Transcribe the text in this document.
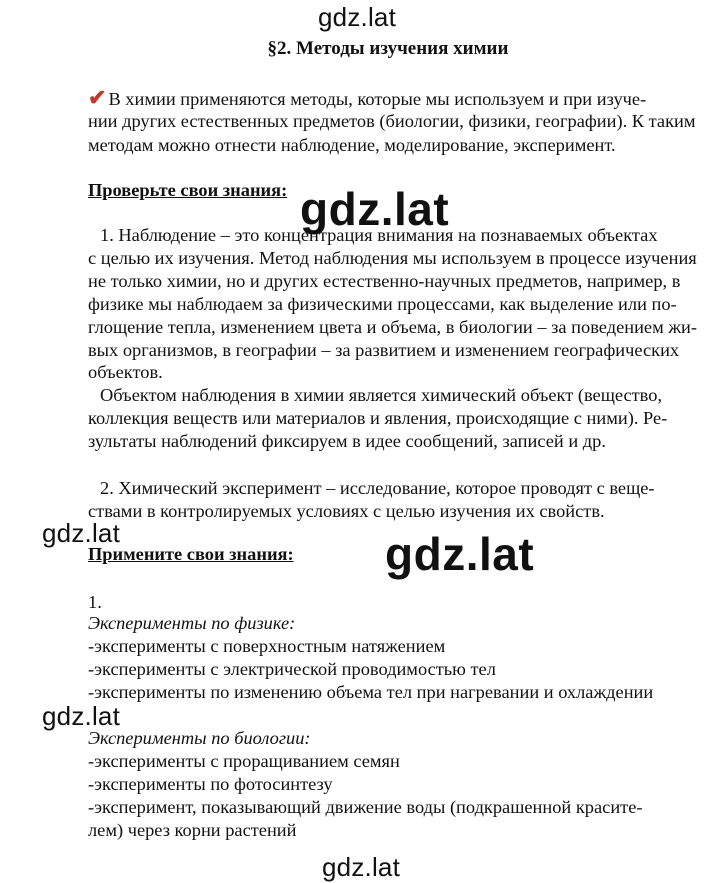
gdz.lat
gdz.lat
gdz.lat	gdz.lat
gdz.lat
gdz.lat
§2. Методы изучения химии
✔ В химии применяются методы, которые мы используем и при изуче-
нии других естественных предметов (биологии, физики, географии). К таким
методам можно отнести наблюдение, моделирование, эксперимент.
Проверьте свои знания:
1. Наблюдение – это концентрация внимания на познаваемых объектах
с целью их изучения. Метод наблюдения мы используем в процессе изучения
не только химии, но и других естественно-научных предметов, например, в
физике мы наблюдаем за физическими процессами, как выделение или по-
глощение тепла, изменением цвета и объема, в биологии – за поведением жи-
вых организмов, в географии – за развитием и изменением географических
объектов.
Объектом наблюдения в химии является химический объект (вещество,
коллекция веществ или материалов и явления, происходящие с ними). Ре-
зультаты наблюдений фиксируем в идее сообщений, записей и др.
2. Химический эксперимент – исследование, которое проводят с веще-
ствами в контролируемых условиях с целью изучения их свойств.
Примените свои знания:
1.
Эксперименты по физике:
-эксперименты с поверхностным натяжением
-эксперименты с электрической проводимостью тел
-эксперименты по изменению объема тел при нагревании и охлаждении
Эксперименты по биологии:
-эксперименты с проращиванием семян
-эксперименты по фотосинтезу
-эксперимент, показывающий движение воды (подкрашенной красите-
лем) через корни растений
